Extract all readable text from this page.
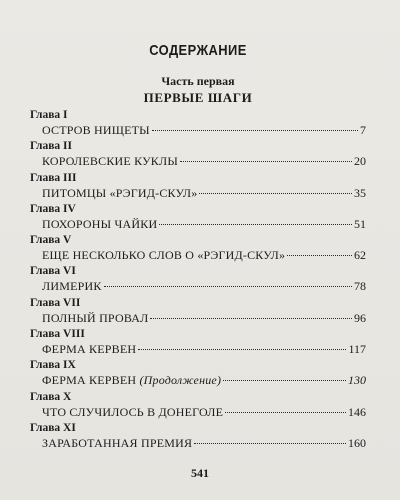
СОДЕРЖАНИЕ
Часть первая
ПЕРВЫЕ ШАГИ
Глава I
ОСТРОВ НИЩЕТЫ	7
Глава II
КОРОЛЕВСКИЕ КУКЛЫ	20
Глава III
ПИТОМЦЫ «РЭГИД-СКУЛ»	35
Глава IV
ПОХОРОНЫ ЧАЙКИ	51
Глава V
ЕЩЕ НЕСКОЛЬКО СЛОВ О «РЭГИД-СКУЛ»	62
Глава VI
ЛИМЕРИК	78
Глава VII
ПОЛНЫЙ ПРОВАЛ	96
Глава VIII
ФЕРМА КЕРВЕН	117
Глава IX
ФЕРМА КЕРВЕН (Продолжение)	130
Глава X
ЧТО СЛУЧИЛОСЬ В ДОНЕГОЛЕ	146
Глава XI
ЗАРАБОТАННАЯ ПРЕМИЯ	160
541
